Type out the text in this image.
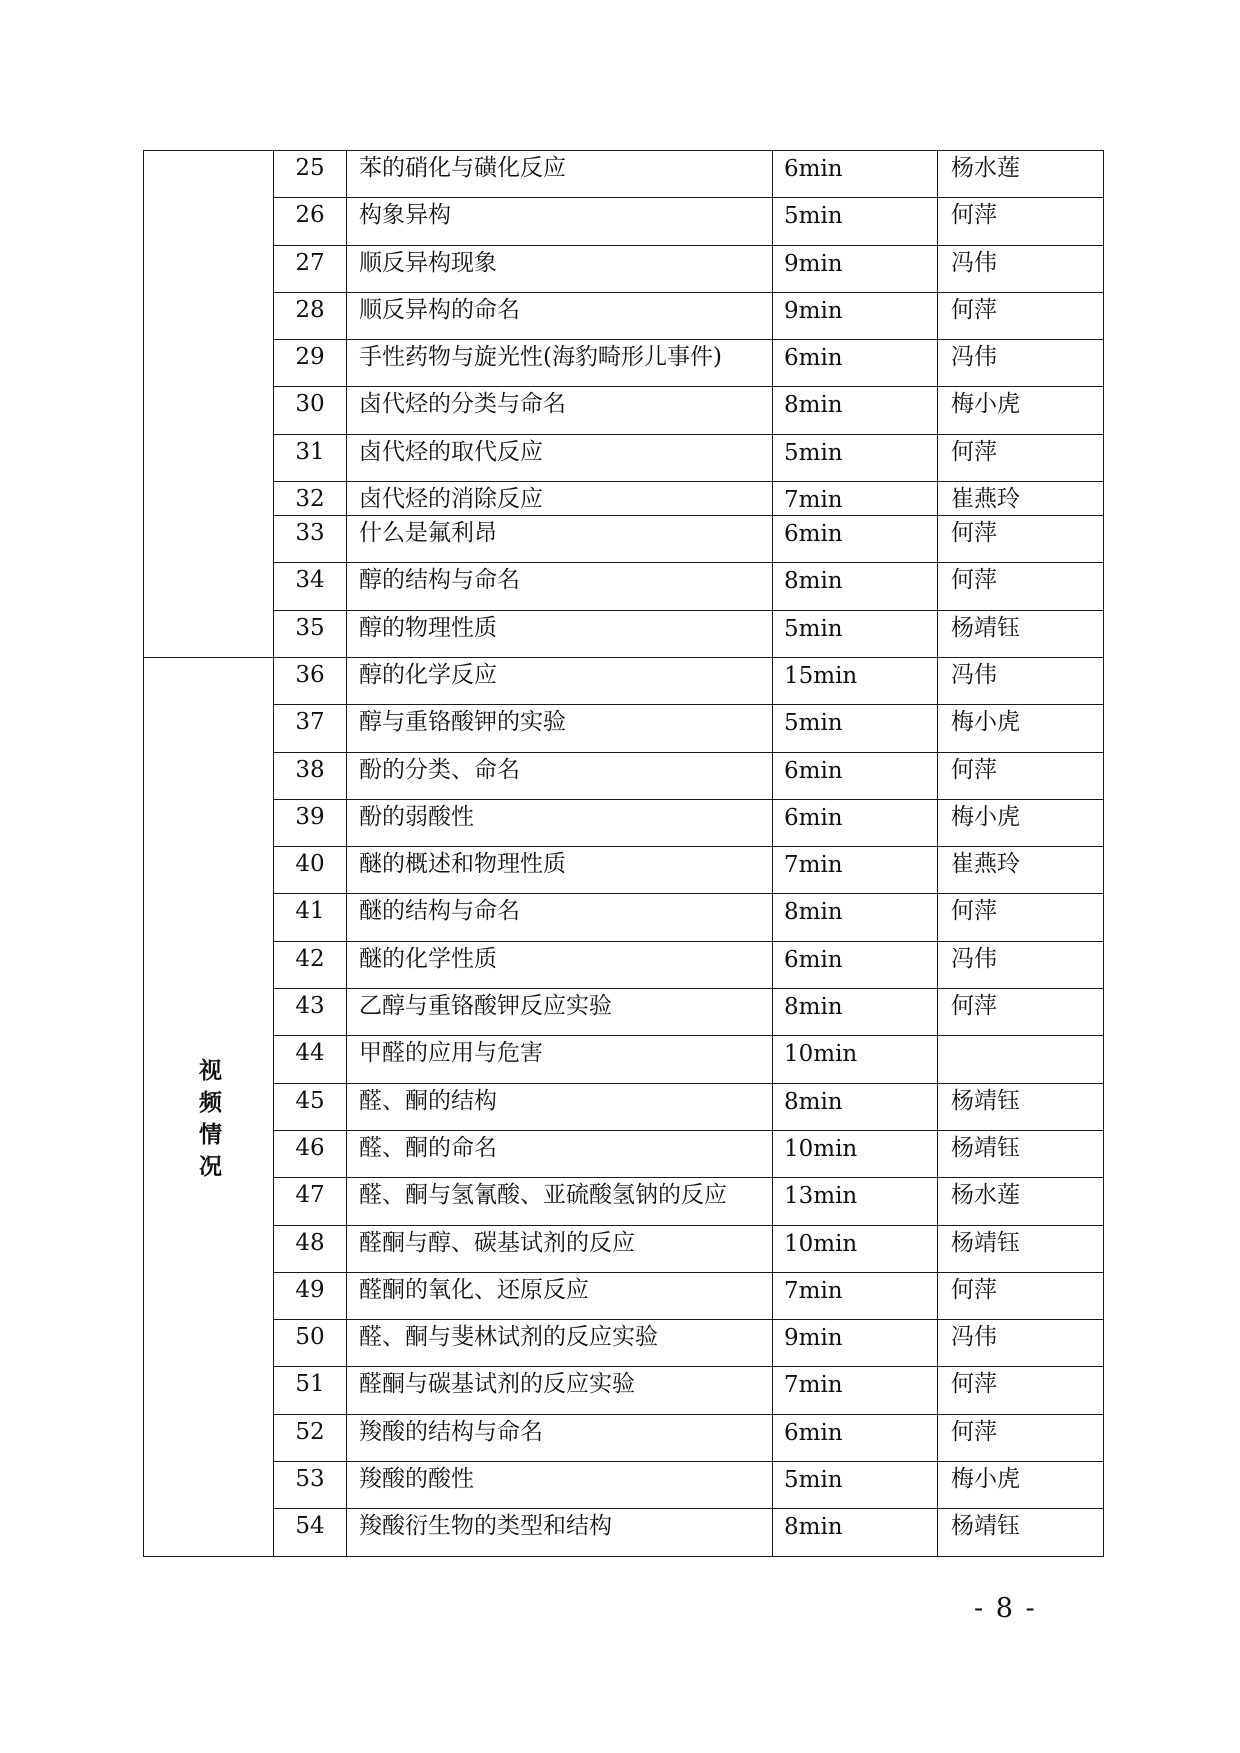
	25	苯的硝化与磺化反应	6min	杨水莲
	26	构象异构	5min	何萍
	27	顺反异构现象	9min	冯伟
	28	顺反异构的命名	9min	何萍
	29	手性药物与旋光性(海豹畸形儿事件)	6min	冯伟
	30	卤代烃的分类与命名	8min	梅小虎
	31	卤代烃的取代反应	5min	何萍
	32	卤代烃的消除反应	7min	崔燕玲
	33	什么是氟利昂	6min	何萍
	34	醇的结构与命名	8min	何萍
	35	醇的物理性质	5min	杨靖钰
视频情况	36	醇的化学反应	15min	冯伟
	37	醇与重铬酸钾的实验	5min	梅小虎
	38	酚的分类、命名	6min	何萍
	39	酚的弱酸性	6min	梅小虎
	40	醚的概述和物理性质	7min	崔燕玲
	41	醚的结构与命名	8min	何萍
	42	醚的化学性质	6min	冯伟
	43	乙醇与重铬酸钾反应实验	8min	何萍
	44	甲醛的应用与危害	10min	
	45	醛、酮的结构	8min	杨靖钰
	46	醛、酮的命名	10min	杨靖钰
	47	醛、酮与氢氰酸、亚硫酸氢钠的反应	13min	杨水莲
	48	醛酮与醇、碳基试剂的反应	10min	杨靖钰
	49	醛酮的氧化、还原反应	7min	何萍
	50	醛、酮与斐林试剂的反应实验	9min	冯伟
	51	醛酮与碳基试剂的反应实验	7min	何萍
	52	羧酸的结构与命名	6min	何萍
	53	羧酸的酸性	5min	梅小虎
	54	羧酸衍生物的类型和结构	8min	杨靖钰
- 8 -
